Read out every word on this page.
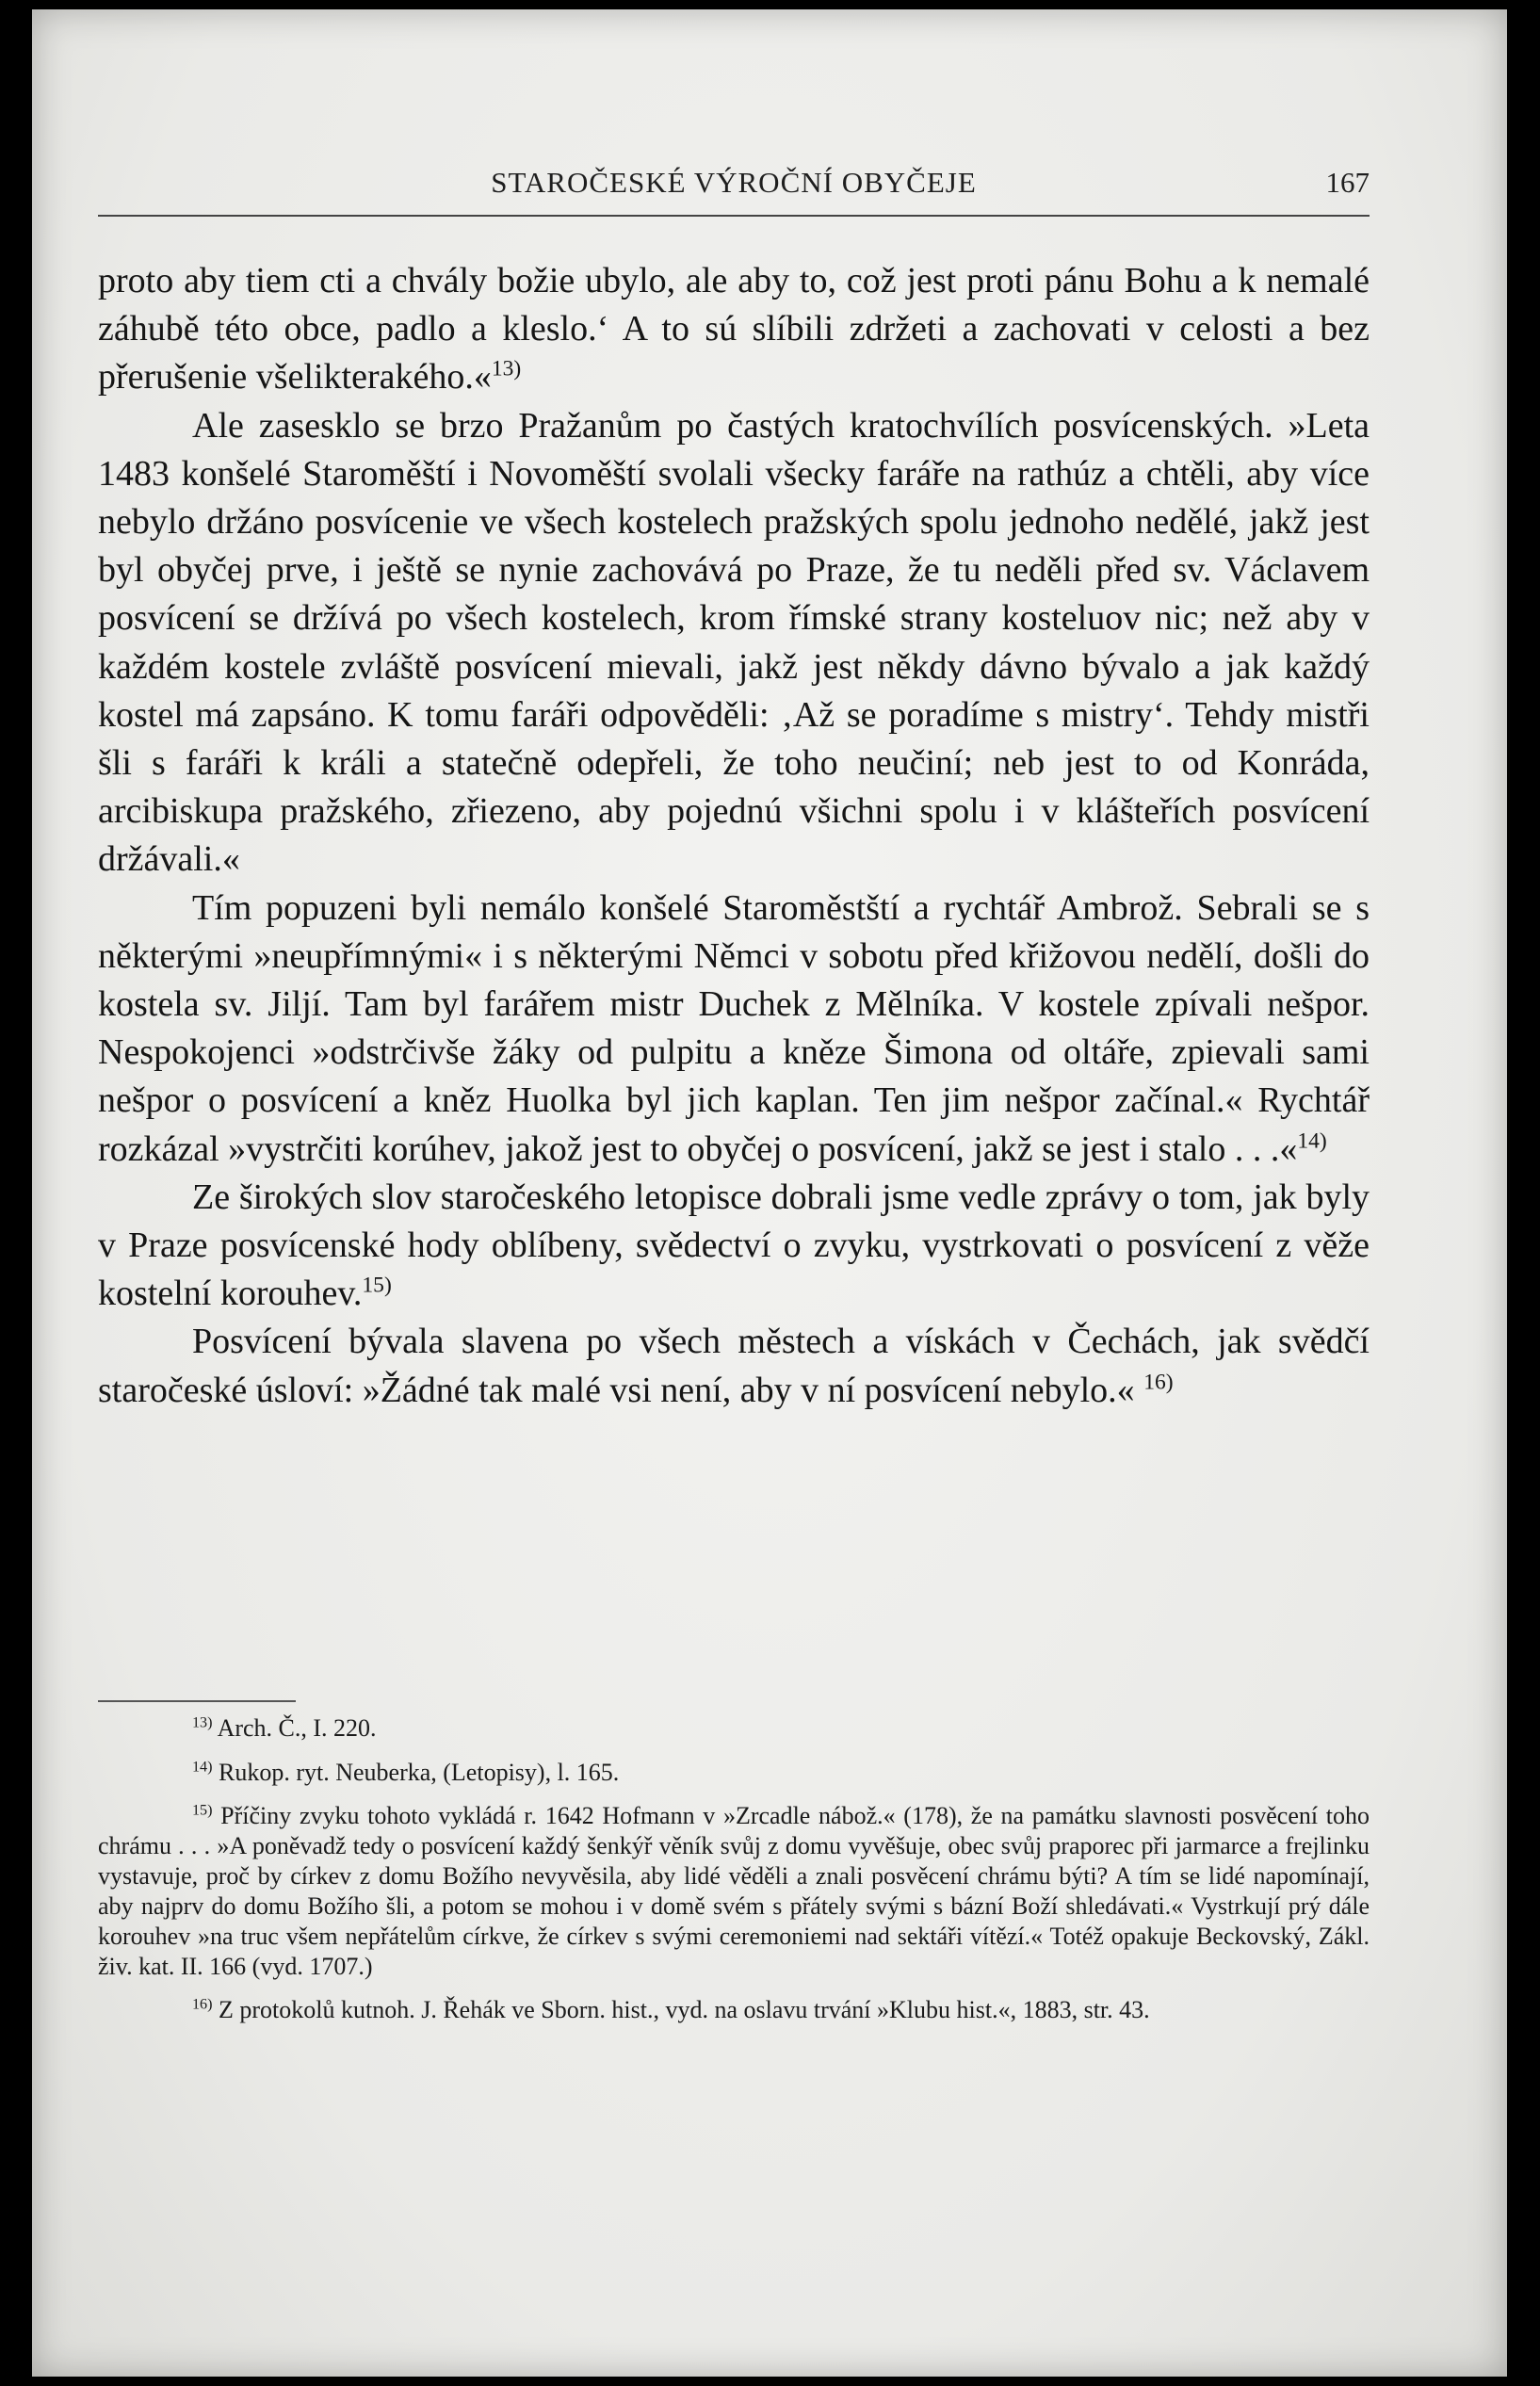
STAROČESKÉ VÝROČNÍ OBYČEJE	167

proto aby tiem cti a chvály božie ubylo, ale aby to, což jest proti pánu Bohu a k nemalé záhubě této obce, padlo a kleslo.‘ A to sú slíbili zdržeti a zachovati v celosti a bez přerušenie všelikterakého.«$^{13)}$

Ale zasesklo se brzo Pražanům po častých kratochvílích posvícenských. »Leta 1483 konšelé Staroměští i Novoměští svolali všecky faráře na rathúz a chtěli, aby více nebylo držáno posvícenie ve všech kostelech pražských spolu jednoho nedělé, jakž jest byl obyčej prve, i ještě se nynie zachovává po Praze, že tu neděli před sv. Václavem posvícení se držívá po všech kostelech, krom římské strany kosteluov nic; než aby v každém kostele zvláště posvícení mievali, jakž jest někdy dávno bývalo a jak každý kostel má zapsáno. K tomu faráři odpověděli: ‚Až se poradíme s mistry‘. Tehdy mistři šli s faráři k králi a statečně odepřeli, že toho neučiní; neb jest to od Konráda, arcibiskupa pražského, zřiezeno, aby pojednú všichni spolu i v klášteřích posvícení držávali.«

Tím popuzeni byli nemálo konšelé Staroměstští a rychtář Ambrož. Sebrali se s některými »neupřímnými« i s některými Němci v sobotu před křižovou nedělí, došli do kostela sv. Jiljí. Tam byl farářem mistr Duchek z Mělníka. V kostele zpívali nešpor. Nespokojenci »odstrčivše žáky od pulpitu a kněze Šimona od oltáře, zpievali sami nešpor o posvícení a kněz Huolka byl jich kaplan. Ten jim nešpor začínal.« Rychtář rozkázal »vystrčiti korúhev, jakož jest to obyčej o posvícení, jakž se jest i stalo . . .«$^{14)}$

Ze širokých slov staročeského letopisce dobrali jsme vedle zprávy o tom, jak byly v Praze posvícenské hody oblíbeny, svědectví o zvyku, vystrkovati o posvícení z věže kostelní korouhev.$^{15)}$

Posvícení bývala slavena po všech městech a vískách v Čechách, jak svědčí staročeské úsloví: »Žádné tak malé vsi není, aby v ní posvícení nebylo.« $^{16)}$

$^{13)}$ Arch. Č., I. 220.

$^{14)}$ Rukop. ryt. Neuberka, (Letopisy), l. 165.

$^{15)}$ Příčiny zvyku tohoto vykládá r. 1642 Hofmann v »Zrcadle nábož.« (178), že na památku slavnosti posvěcení toho chrámu . . . »A poněvadž tedy o posvícení každý šenkýř věník svůj z domu vyvěšuje, obec svůj praporec při jarmarce a frejlinku vystavuje, proč by církev z domu Božího nevyvěsila, aby lidé věděli a znali posvěcení chrámu býti? A tím se lidé napomínají, aby najprv do domu Božího šli, a potom se mohou i v domě svém s přátely svými s bázní Boží shledávati.« Vystrkují prý dále korouhev »na truc všem nepřátelům církve, že církev s svými ceremoniemi nad sektáři vítězí.« Totéž opakuje Beckovský, Zákl. živ. kat. II. 166 (vyd. 1707.)

$^{16)}$ Z protokolů kutnoh. J. Řehák ve Sborn. hist., vyd. na oslavu trvání »Klubu hist.«, 1883, str. 43.
